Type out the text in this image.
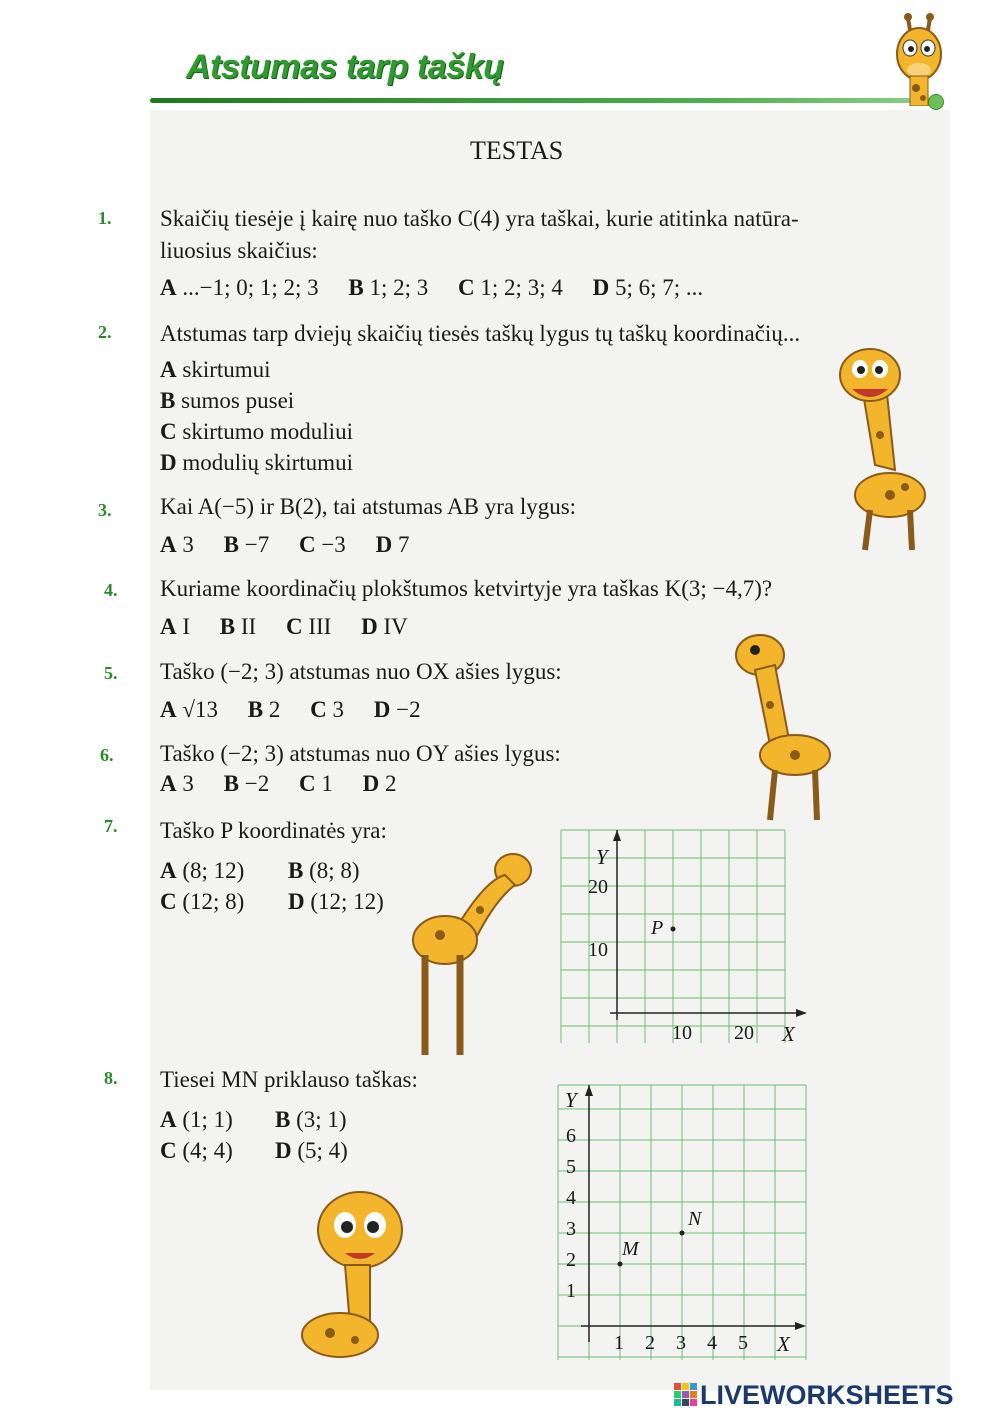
Atstumas tarp taškų
TESTAS
1. Skaičių tiesėje į kairę nuo taško C(4) yra taškai, kurie atitinka natūra-
liuosius skaičius:
A ...−1; 0; 1; 2; 3 B 1; 2; 3 C 1; 2; 3; 4 D 5; 6; 7; ...
2. Atstumas tarp dviejų skaičių tiesės taškų lygus tų taškų koordinačių...
A skirtumui
B sumos pusei
C skirtumo moduliui
D modulių skirtumui
3. Kai A(−5) ir B(2), tai atstumas AB yra lygus:
A 3 B −7 C −3 D 7
4. Kuriame koordinačių plokštumos ketvirtyje yra taškas K(3; −4,7)?
A I B II C III D IV
5. Taško (−2; 3) atstumas nuo OX ašies lygus:
A √13 B 2 C 3 D −2
6. Taško (−2; 3) atstumas nuo OY ašies lygus:
A 3 B −2 C 1 D 2
7. Taško P koordinatės yra:
A (8; 12) B (8; 8)
C (12; 8) D (12; 12)
Y
20
10
P
10 20 X
8. Tiesei MN priklauso taškas:
A (1; 1) B (3; 1)
C (4; 4) D (5; 4)
Y
6
5
4
3
2
1
M
N
1 2 3 4 5 X
LIVEWORKSHEETS
